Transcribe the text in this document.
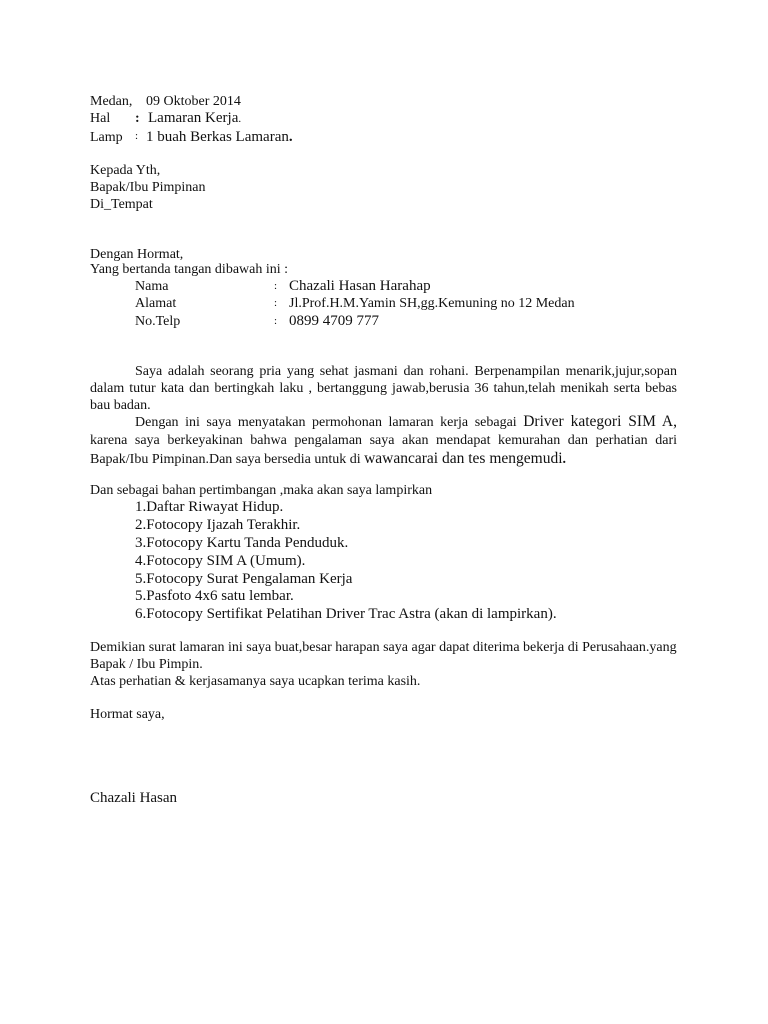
Medan, 09 Oktober 2014
Hal : Lamaran Kerja.
Lamp : 1 buah Berkas Lamaran.
Kepada Yth,
Bapak/Ibu Pimpinan
Di_Tempat
Dengan Hormat,
Yang bertanda tangan dibawah ini :
Nama	: Chazali Hasan Harahap
Alamat	: Jl.Prof.H.M.Yamin SH,gg.Kemuning no 12 Medan
No.Telp	: 0899 4709 777
Saya adalah seorang pria yang sehat jasmani dan rohani. Berpenampilan menarik,jujur,sopan dalam tutur kata dan bertingkah laku , bertanggung jawab,berusia 36 tahun,telah menikah serta bebas bau badan.
Dengan ini saya menyatakan permohonan lamaran kerja sebagai Driver kategori SIM A, karena saya berkeyakinan bahwa pengalaman saya akan mendapat kemurahan dan perhatian dari Bapak/Ibu Pimpinan.Dan saya bersedia untuk di wawancarai dan tes mengemudi.
Dan sebagai bahan pertimbangan ,maka akan saya lampirkan
1.Daftar Riwayat Hidup.
2.Fotocopy Ijazah Terakhir.
3.Fotocopy Kartu Tanda Penduduk.
4.Fotocopy SIM A (Umum).
5.Fotocopy Surat Pengalaman Kerja
5.Pasfoto 4x6 satu lembar.
6.Fotocopy Sertifikat Pelatihan Driver Trac Astra (akan di lampirkan).
Demikian surat lamaran ini saya buat,besar harapan saya agar dapat diterima bekerja di Perusahaan.yang
Bapak / Ibu Pimpin.
Atas perhatian & kerjasamanya saya ucapkan terima kasih.
Hormat saya,
Chazali Hasan
